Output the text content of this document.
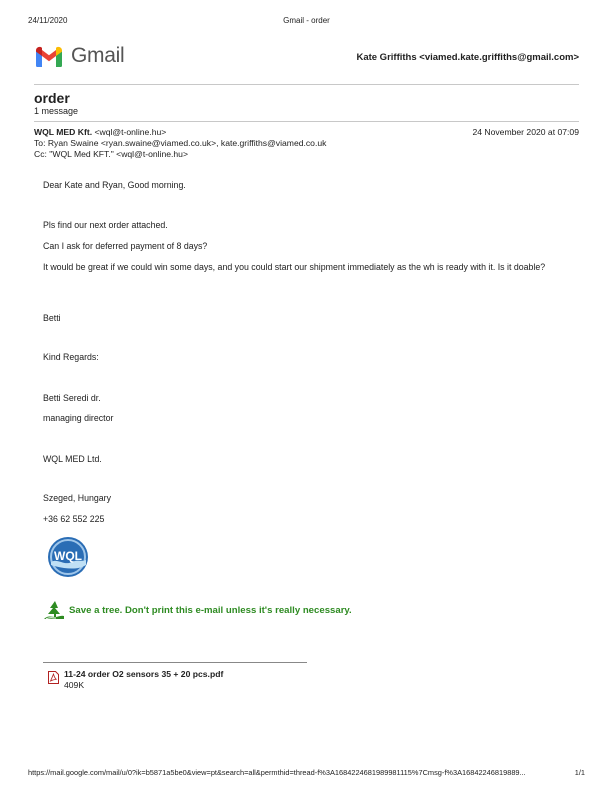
24/11/2020	Gmail - order
Gmail	Kate Griffiths <viamed.kate.griffiths@gmail.com>
order
1 message
WQL MED Kft. <wql@t-online.hu>	24 November 2020 at 07:09
To: Ryan Swaine <ryan.swaine@viamed.co.uk>, kate.griffiths@viamed.co.uk
Cc: "WQL Med KFT." <wql@t-online.hu>

Dear Kate and Ryan, Good morning.

Pls find our next order attached.

Can I ask for deferred payment of 8 days?

It would be great if we could win some days, and you could start our shipment immediately as the wh is ready with it. Is it doable?

Betti

Kind Regards:

Betti Seredi dr.

managing director

WQL MED Ltd.

Szeged, Hungary

+36 62 552 225

WQL
Save a tree. Don't print this e-mail unless it's really necessary.
11-24 order O2 sensors 35 + 20 pcs.pdf
409K
https://mail.google.com/mail/u/0?ik=b5871a5be0&view=pt&search=all&permthid=thread-f%3A1684224681989981115%7Cmsg-f%3A16842246819889...	1/1
